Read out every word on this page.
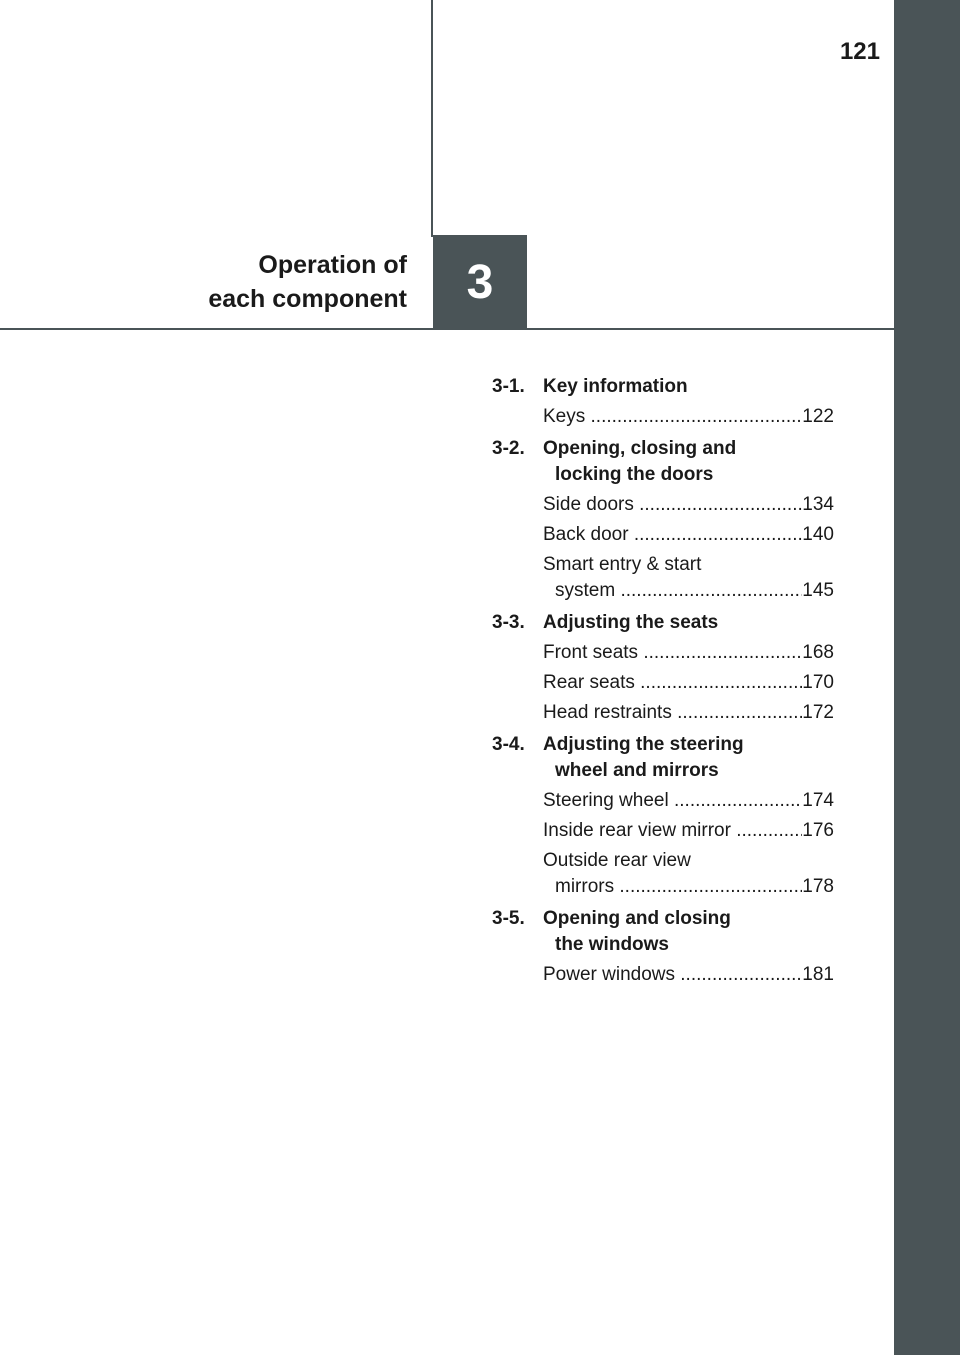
121
Operation of
each component 3
3-1. Key information
Keys .....	122
3-2. Opening, closing and
locking the doors
Side doors .....	134
Back door .....	140
Smart entry & start
system .....	145
3-3. Adjusting the seats
Front seats .....	168
Rear seats .....	170
Head restraints .....	172
3-4. Adjusting the steering
wheel and mirrors
Steering wheel .....	174
Inside rear view mirror .....	176
Outside rear view
mirrors .....	178
3-5. Opening and closing
the windows
Power windows .....	181
